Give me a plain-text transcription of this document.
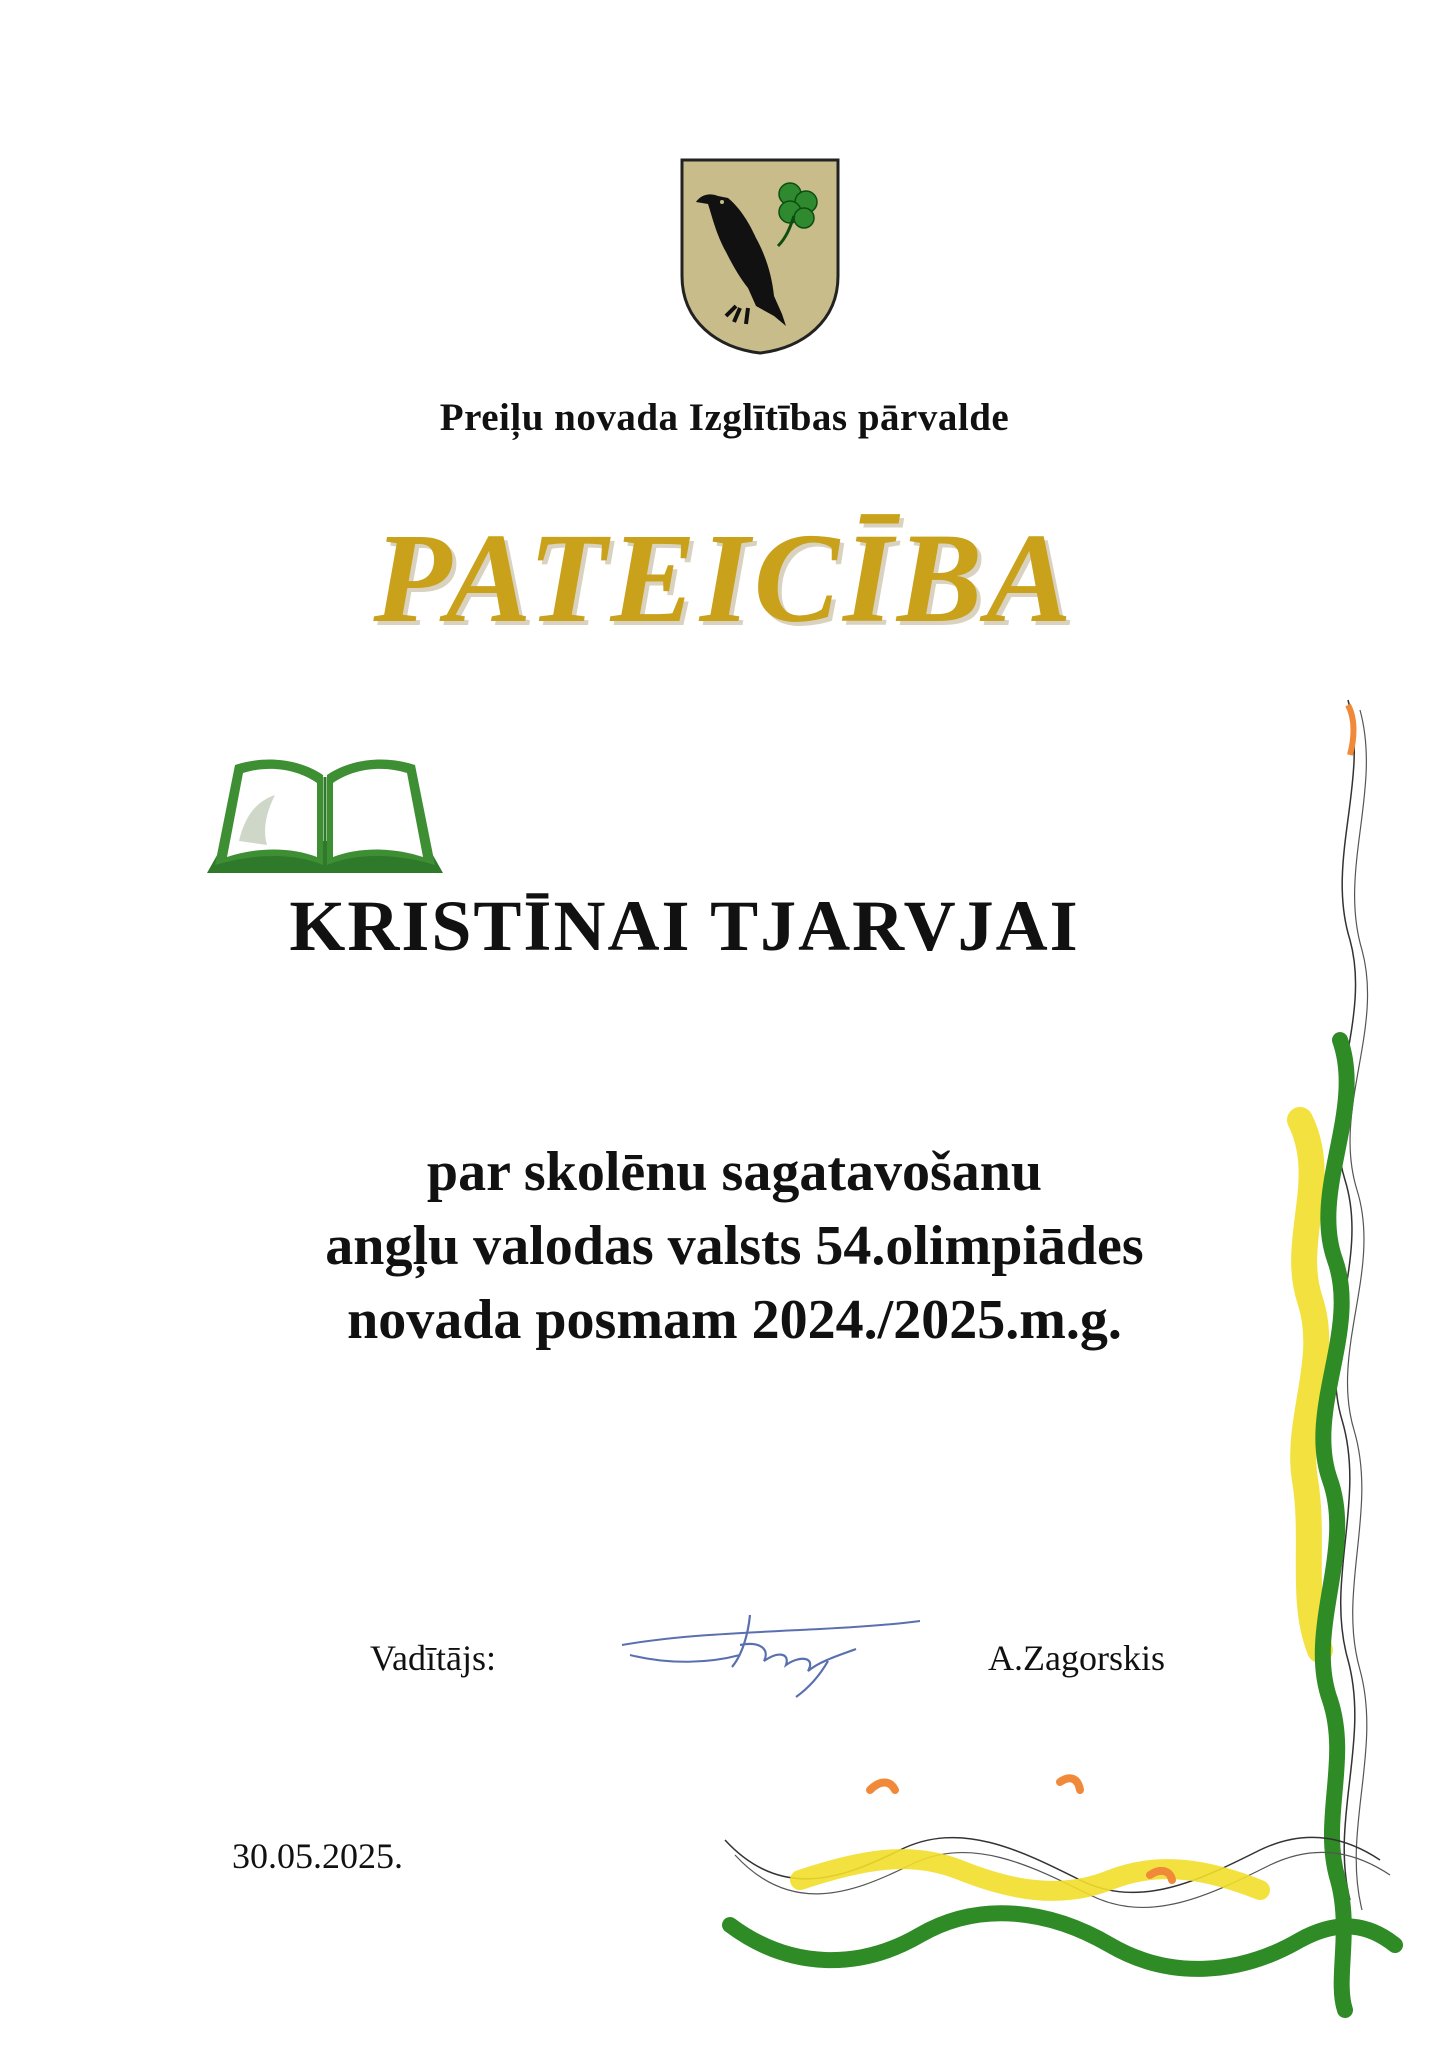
Preiļu novada Izglītības pārvalde
PATEICĪBA
KRISTĪNAI TJARVJAI
par skolēnu sagatavošanu
angļu valodas valsts 54.olimpiādes
novada posmam 2024./2025.m.g.
Vadītājs:	A.Zagorskis
30.05.2025.
